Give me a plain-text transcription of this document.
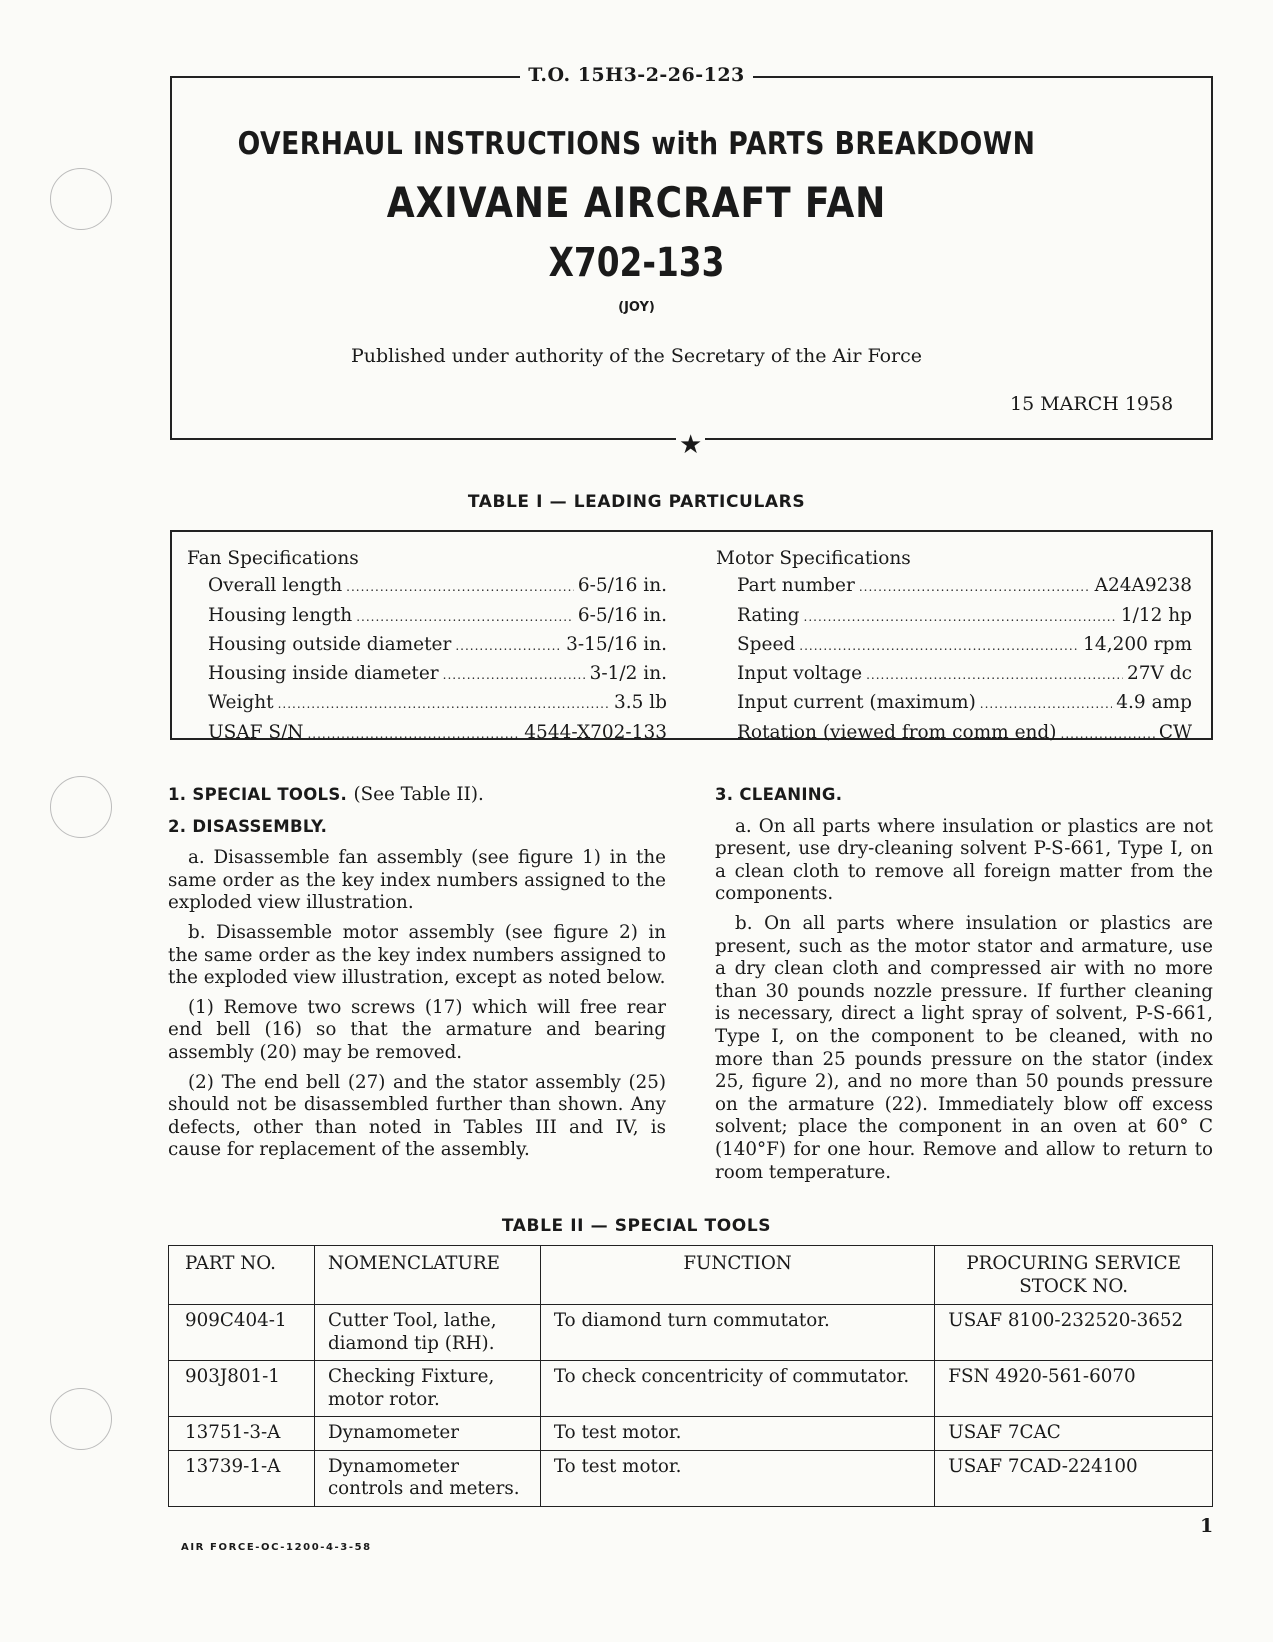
T.O. 15H3-2-26-123
OVERHAUL INSTRUCTIONS with PARTS BREAKDOWN
AXIVANE AIRCRAFT FAN
X702-133
(JOY)
Published under authority of the Secretary of the Air Force
15 MARCH 1958
★
TABLE I — LEADING PARTICULARS
Fan Specifications
Overall length .....	6-5/16 in.
Housing length .....	6-5/16 in.
Housing outside diameter .....	3-15/16 in.
Housing inside diameter .....	3-1/2 in.
Weight .....	3.5 lb
USAF S/N .....	4544-X702-133
Motor Specifications
Part number .....	A24A9238
Rating .....	1/12 hp
Speed .....	14,200 rpm
Input voltage .....	27V dc
Input current (maximum) .....	4.9 amp
Rotation (viewed from comm end) .....	CW

1. SPECIAL TOOLS. (See Table II).

2. DISASSEMBLY.

a. Disassemble fan assembly (see figure 1) in the same order as the key index numbers assigned to the exploded view illustration.

b. Disassemble motor assembly (see figure 2) in the same order as the key index numbers assigned to the exploded view illustration, except as noted below.

(1) Remove two screws (17) which will free rear end bell (16) so that the armature and bearing assembly (20) may be removed.

(2) The end bell (27) and the stator assembly (25) should not be disassembled further than shown. Any defects, other than noted in Tables III and IV, is cause for replacement of the assembly.

3. CLEANING.

a. On all parts where insulation or plastics are not present, use dry-cleaning solvent P-S-661, Type I, on a clean cloth to remove all foreign matter from the components.

b. On all parts where insulation or plastics are present, such as the motor stator and armature, use a dry clean cloth and compressed air with no more than 30 pounds nozzle pressure. If further cleaning is necessary, direct a light spray of solvent, P-S-661, Type I, on the component to be cleaned, with no more than 25 pounds pressure on the stator (index 25, figure 2), and no more than 50 pounds pressure on the armature (22). Immediately blow off excess solvent; place the component in an oven at 60° C (140°F) for one hour. Remove and allow to return to room temperature.

TABLE II — SPECIAL TOOLS
PART NO.	NOMENCLATURE	FUNCTION	PROCURING SERVICE STOCK NO.
909C404-1	Cutter Tool, lathe, diamond tip (RH).	To diamond turn commutator.	USAF 8100-232520-3652
903J801-1	Checking Fixture, motor rotor.	To check concentricity of commutator.	FSN 4920-561-6070
13751-3-A	Dynamometer	To test motor.	USAF 7CAC
13739-1-A	Dynamometer controls and meters.	To test motor.	USAF 7CAD-224100
1
AIR FORCE-OC-1200-4-3-58
